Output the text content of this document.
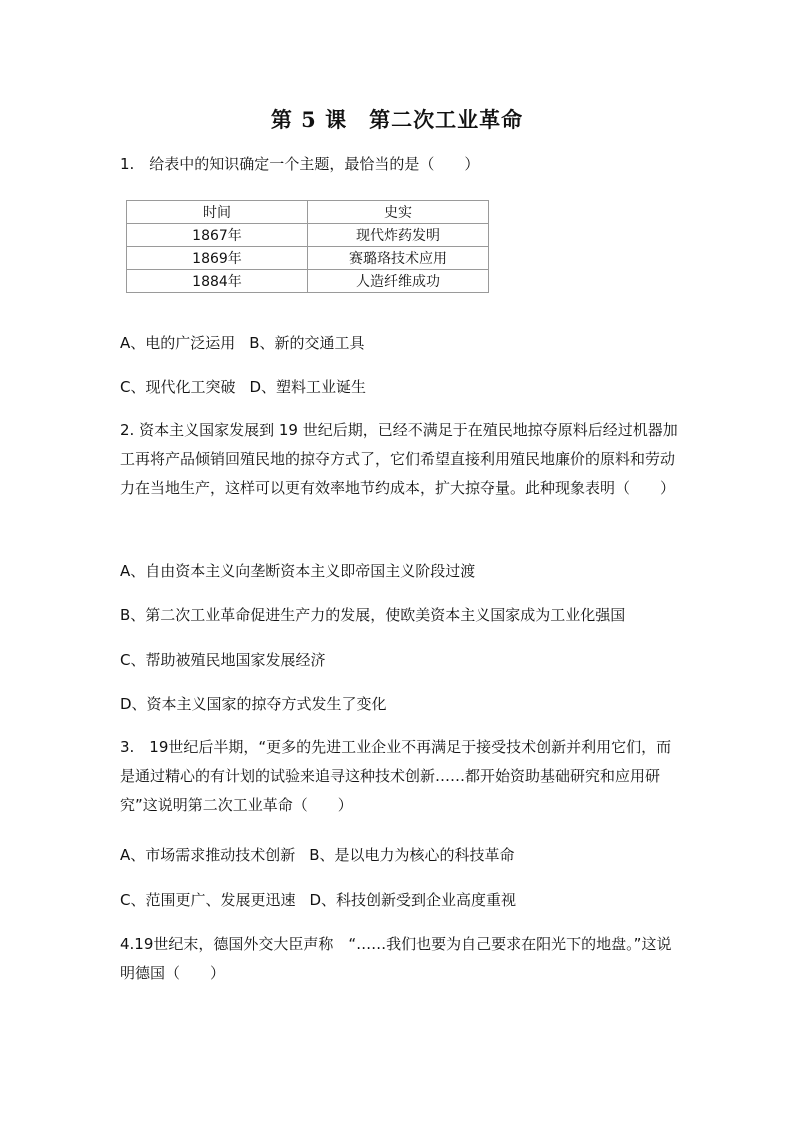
第 5 课　第二次工业革命
1.　给表中的知识确定一个主题，最恰当的是（　　）
时间	史实
1867年	现代炸药发明
1869年	赛璐珞技术应用
1884年	人造纤维成功
A、电的广泛运用 B、新的交通工具
C、现代化工突破 D、塑料工业诞生
2. 资本主义国家发展到 19 世纪后期，已经不满足于在殖民地掠夺原料后经过机器加工再将产品倾销回殖民地的掠夺方式了，它们希望直接利用殖民地廉价的原料和劳动力在当地生产，这样可以更有效率地节约成本，扩大掠夺量。此种现象表明（　　）
A、自由资本主义向垄断资本主义即帝国主义阶段过渡
B、第二次工业革命促进生产力的发展，使欧美资本主义国家成为工业化强国
C、帮助被殖民地国家发展经济
D、资本主义国家的掠夺方式发生了变化
3.　19世纪后半期，“更多的先进工业企业不再满足于接受技术创新并利用它们，而是通过精心的有计划的试验来追寻这种技术创新……都开始资助基础研究和应用研究”这说明第二次工业革命（　　）
A、市场需求推动技术创新 B、是以电力为核心的科技革命
C、范围更广、发展更迅速 D、科技创新受到企业高度重视
4.19世纪末，德国外交大臣声称　“……我们也要为自己要求在阳光下的地盘。”这说明德国（　　）
